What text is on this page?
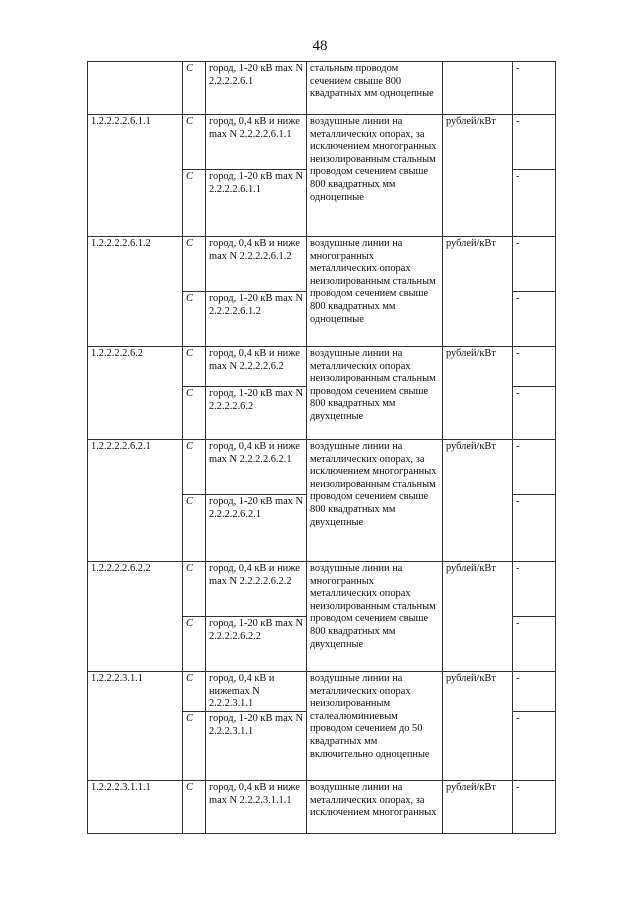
48
	С	город, 1-20 кВ max N 2.2.2.2.6.1	стальным проводом сечением свыше 800 квадратных мм одноцепные		-
1.2.2.2.2.6.1.1	С	город, 0,4 кВ и ниже max N 2.2.2.2.6.1.1	воздушные линии на металлических опорах, за исключением многогранных неизолированным стальным проводом сечением свыше 800 квадратных мм одноцепные	рублей/кВт	-
	С	город, 1-20 кВ max N 2.2.2.2.6.1.1			-
1.2.2.2.2.6.1.2	С	город, 0,4 кВ и ниже max N 2.2.2.2.6.1.2	воздушные линии на многогранных металлических опорах неизолированным стальным проводом сечением свыше 800 квадратных мм одноцепные	рублей/кВт	-
	С	город, 1-20 кВ max N 2.2.2.2.6.1.2			-
1.2.2.2.2.6.2	С	город, 0,4 кВ и ниже max N 2.2.2.2.6.2	воздушные линии на металлических опорах неизолированным стальным проводом сечением свыше 800 квадратных мм двухцепные	рублей/кВт	-
	С	город, 1-20 кВ max N 2.2.2.2.6.2			-
1.2.2.2.2.6.2.1	С	город, 0,4 кВ и ниже max N 2.2.2.2.6.2.1	воздушные линии на металлических опорах, за исключением многогранных неизолированным стальным проводом сечением свыше 800 квадратных мм двухцепные	рублей/кВт	-
	С	город, 1-20 кВ max N 2.2.2.2.6.2.1			-
1.2.2.2.2.6.2.2	С	город, 0,4 кВ и ниже max N 2.2.2.2.6.2.2	воздушные линии на многогранных металлических опорах неизолированным стальным проводом сечением свыше 800 квадратных мм двухцепные	рублей/кВт	-
	С	город, 1-20 кВ max N 2.2.2.2.6.2.2			-
1.2.2.2.3.1.1	С	город, 0,4 кВ и нижеmax N 2.2.2.3.1.1	воздушные линии на металлических опорах неизолированным сталеалюминиевым проводом сечением до 50 квадратных мм включительно одноцепные	рублей/кВт	-
	С	город, 1-20 кВ max N 2.2.2.3.1.1			-
1.2.2.2.3.1.1.1	С	город, 0,4 кВ и ниже max N 2.2.2.3.1.1.1	воздушные линии на металлических опорах, за исключением многогранных	рублей/кВт	-
